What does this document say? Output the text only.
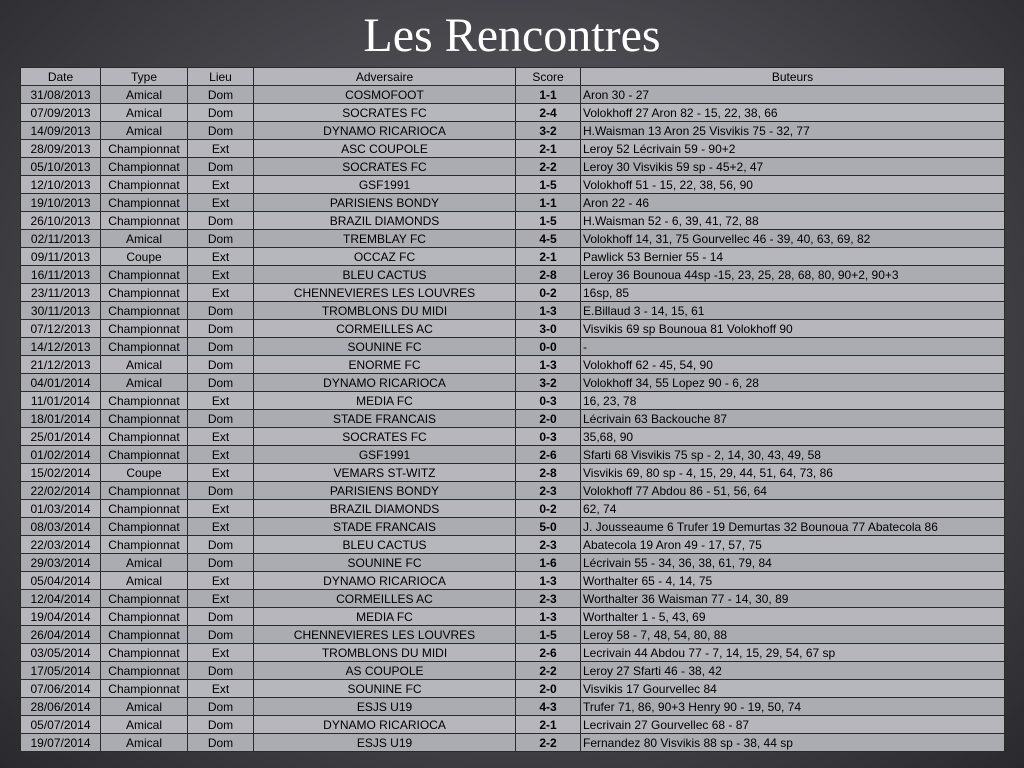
Les Rencontres
Date	Type	Lieu	Adversaire	Score	Buteurs
31/08/2013	Amical	Dom	COSMOFOOT	1-1	Aron 30 - 27
07/09/2013	Amical	Dom	SOCRATES FC	2-4	Volokhoff 27 Aron 82 - 15, 22, 38, 66
14/09/2013	Amical	Dom	DYNAMO RICARIOCA	3-2	H.Waisman 13 Aron 25 Visvikis 75 - 32, 77
28/09/2013	Championnat	Ext	ASC COUPOLE	2-1	Leroy 52 Lécrivain 59 - 90+2
05/10/2013	Championnat	Dom	SOCRATES FC	2-2	Leroy 30 Visvikis 59 sp - 45+2, 47
12/10/2013	Championnat	Ext	GSF1991	1-5	Volokhoff 51 - 15, 22, 38, 56, 90
19/10/2013	Championnat	Ext	PARISIENS BONDY	1-1	Aron 22 - 46
26/10/2013	Championnat	Dom	BRAZIL DIAMONDS	1-5	H.Waisman 52 - 6, 39, 41, 72, 88
02/11/2013	Amical	Dom	TREMBLAY FC	4-5	Volokhoff 14, 31, 75 Gourvellec 46 - 39, 40, 63, 69, 82
09/11/2013	Coupe	Ext	OCCAZ FC	2-1	Pawlick 53 Bernier 55 - 14
16/11/2013	Championnat	Ext	BLEU CACTUS	2-8	Leroy 36 Bounoua 44sp -15, 23, 25, 28, 68, 80, 90+2, 90+3
23/11/2013	Championnat	Ext	CHENNEVIERES LES LOUVRES	0-2	16sp, 85
30/11/2013	Championnat	Dom	TROMBLONS DU MIDI	1-3	E.Billaud 3 - 14, 15, 61
07/12/2013	Championnat	Dom	CORMEILLES AC	3-0	Visvikis 69 sp Bounoua 81 Volokhoff 90
14/12/2013	Championnat	Dom	SOUNINE FC	0-0	-
21/12/2013	Amical	Dom	ENORME FC	1-3	Volokhoff 62 - 45, 54, 90
04/01/2014	Amical	Dom	DYNAMO RICARIOCA	3-2	Volokhoff 34, 55 Lopez 90 - 6, 28
11/01/2014	Championnat	Ext	MEDIA FC	0-3	16, 23, 78
18/01/2014	Championnat	Dom	STADE FRANCAIS	2-0	Lécrivain 63 Backouche 87
25/01/2014	Championnat	Ext	SOCRATES FC	0-3	35,68, 90
01/02/2014	Championnat	Ext	GSF1991	2-6	Sfarti 68 Visvikis 75 sp - 2, 14, 30, 43, 49, 58
15/02/2014	Coupe	Ext	VEMARS ST-WITZ	2-8	Visvikis 69, 80 sp - 4, 15, 29, 44, 51, 64, 73, 86
22/02/2014	Championnat	Dom	PARISIENS BONDY	2-3	Volokhoff 77 Abdou 86 - 51, 56, 64
01/03/2014	Championnat	Ext	BRAZIL DIAMONDS	0-2	62, 74
08/03/2014	Championnat	Ext	STADE FRANCAIS	5-0	J. Jousseaume 6 Trufer 19 Demurtas 32 Bounoua 77 Abatecola 86
22/03/2014	Championnat	Dom	BLEU CACTUS	2-3	Abatecola 19 Aron 49 - 17, 57, 75
29/03/2014	Amical	Dom	SOUNINE FC	1-6	Lécrivain 55 - 34, 36, 38, 61, 79, 84
05/04/2014	Amical	Ext	DYNAMO RICARIOCA	1-3	Worthalter 65 - 4, 14, 75
12/04/2014	Championnat	Ext	CORMEILLES AC	2-3	Worthalter 36 Waisman 77 - 14, 30, 89
19/04/2014	Championnat	Dom	MEDIA FC	1-3	Worthalter 1 - 5, 43, 69
26/04/2014	Championnat	Dom	CHENNEVIERES LES LOUVRES	1-5	Leroy 58 - 7, 48, 54, 80, 88
03/05/2014	Championnat	Ext	TROMBLONS DU MIDI	2-6	Lecrivain 44 Abdou 77 - 7, 14, 15, 29, 54, 67 sp
17/05/2014	Championnat	Dom	AS COUPOLE	2-2	Leroy 27 Sfarti 46 - 38, 42
07/06/2014	Championnat	Ext	SOUNINE FC	2-0	Visvikis 17 Gourvellec 84
28/06/2014	Amical	Dom	ESJS U19	4-3	Trufer 71, 86, 90+3 Henry 90 - 19, 50, 74
05/07/2014	Amical	Dom	DYNAMO RICARIOCA	2-1	Lecrivain 27 Gourvellec 68 - 87
19/07/2014	Amical	Dom	ESJS U19	2-2	Fernandez 80 Visvikis 88 sp - 38, 44 sp
